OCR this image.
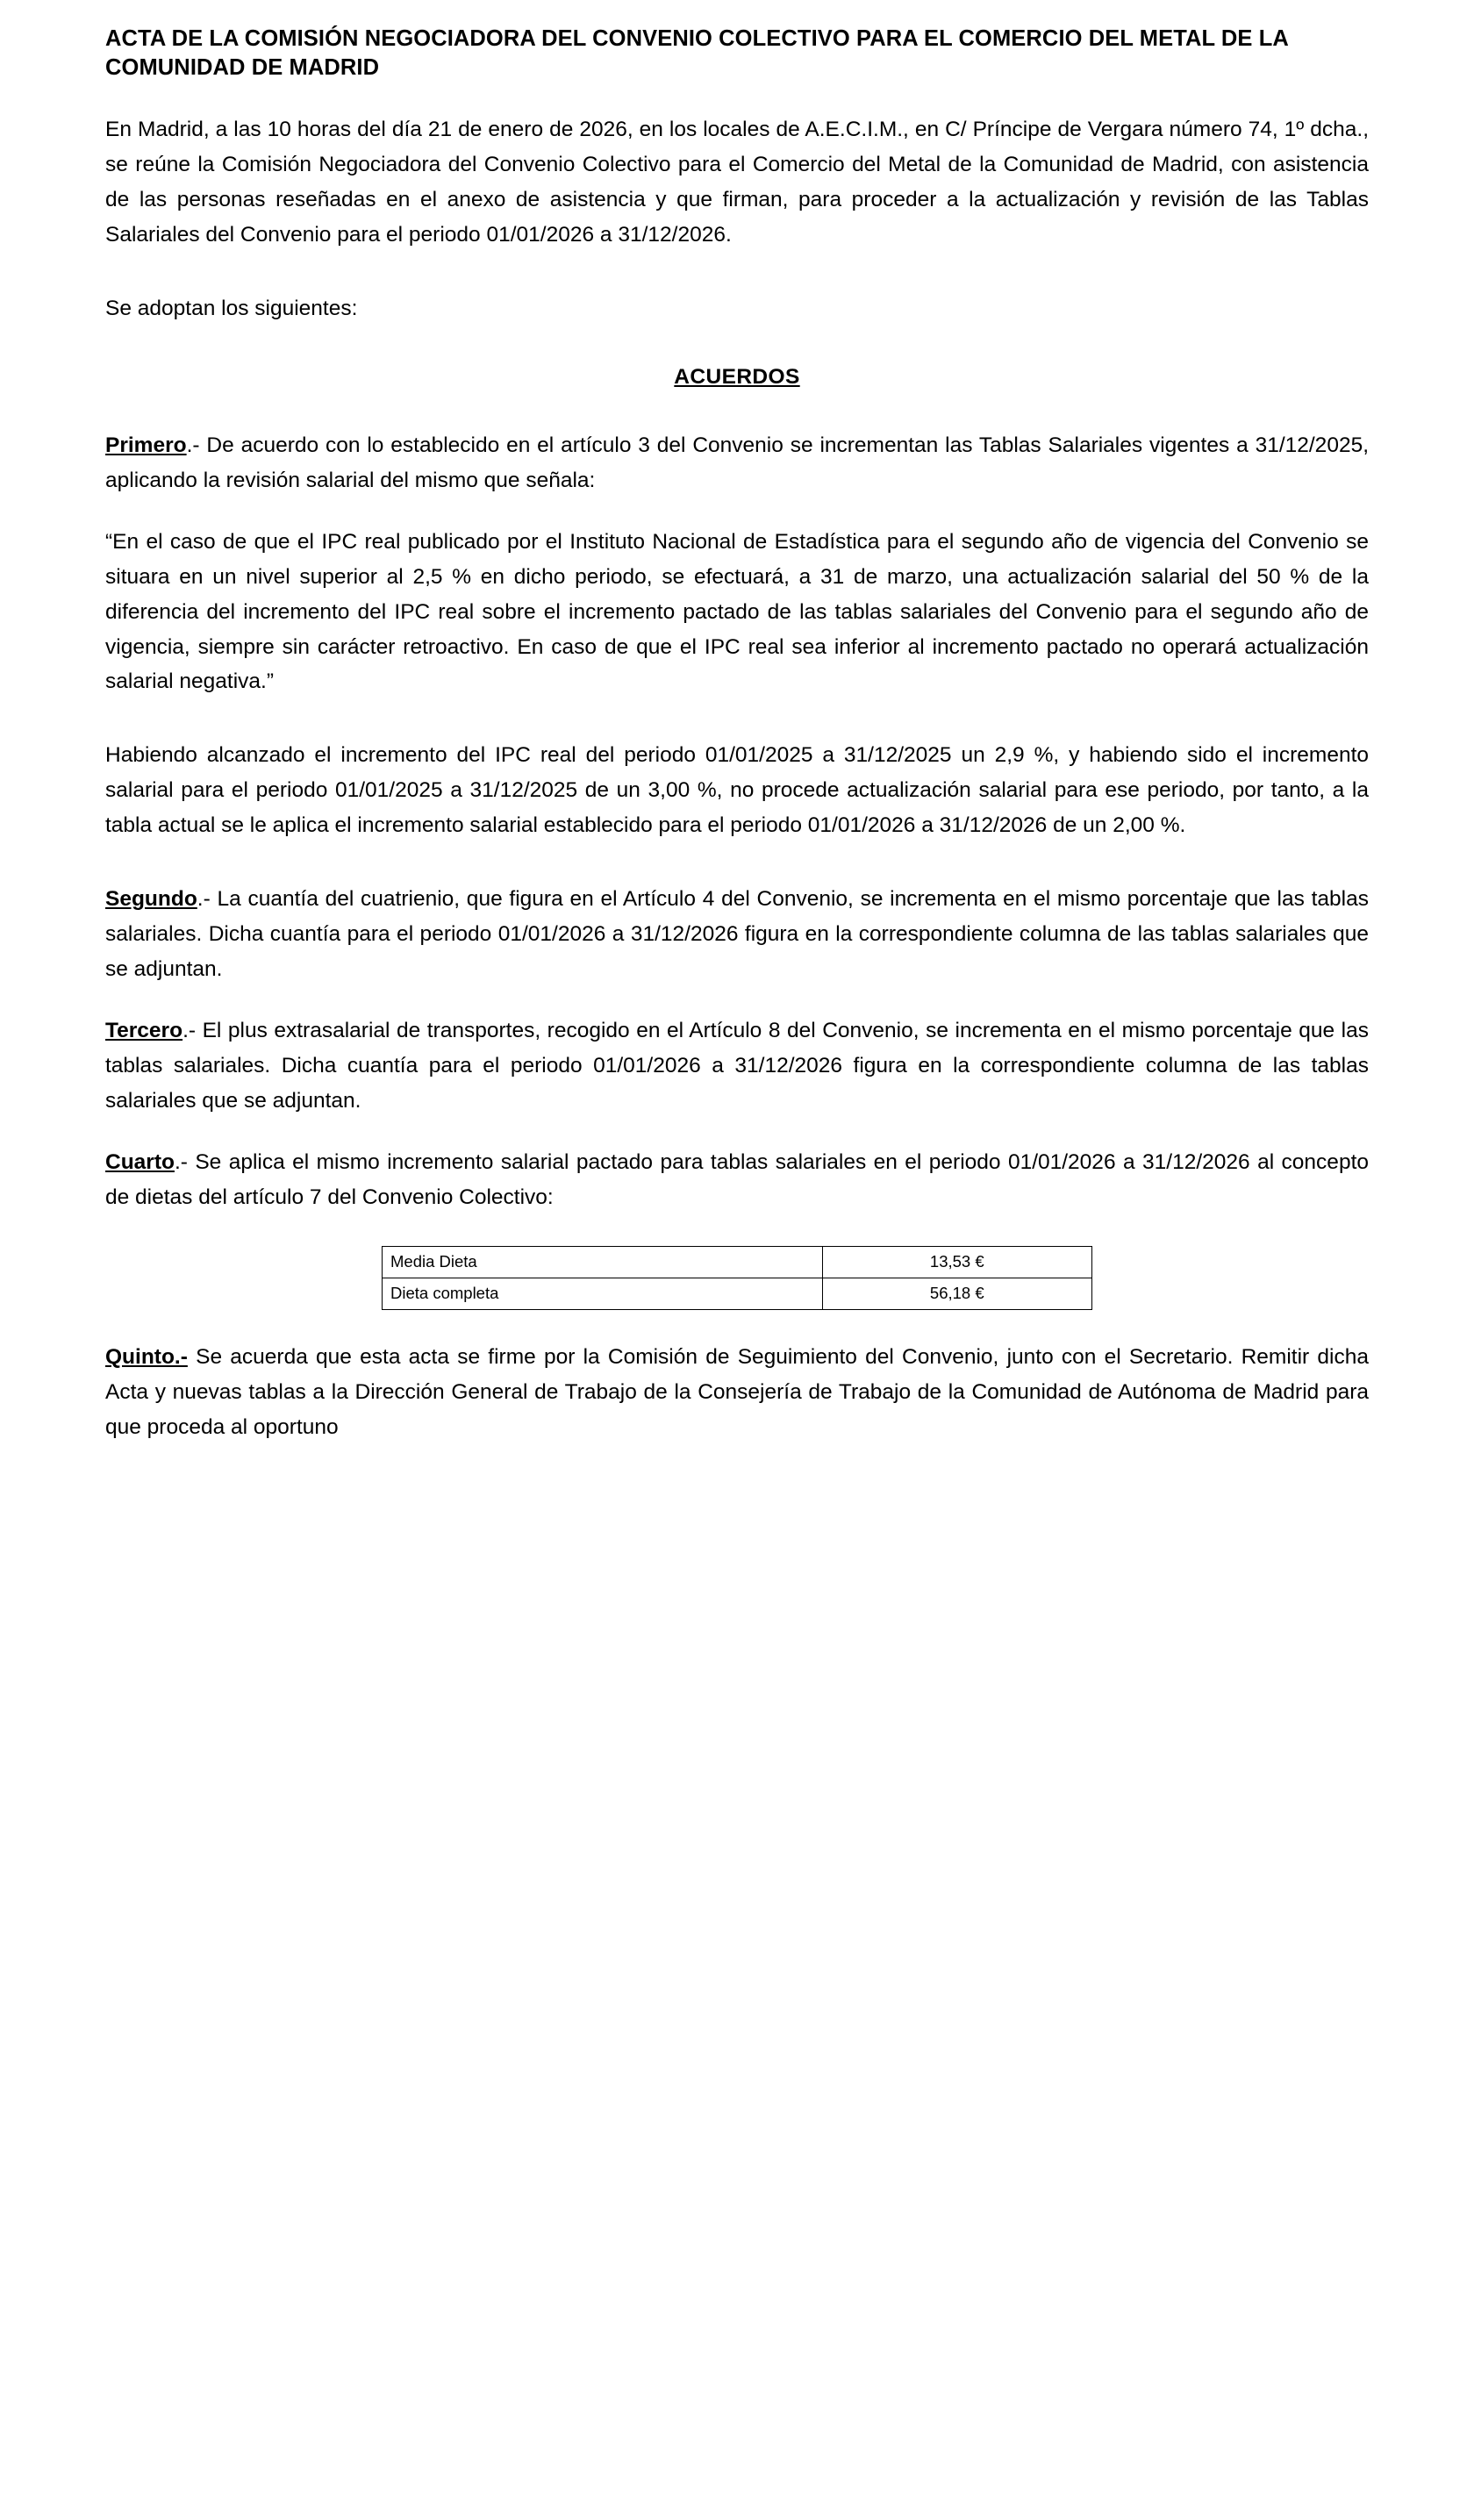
ACTA DE LA COMISIÓN NEGOCIADORA DEL CONVENIO COLECTIVO PARA EL COMERCIO DEL METAL DE LA COMUNIDAD DE MADRID

En Madrid, a las 10 horas del día 21 de enero de 2026, en los locales de A.E.C.I.M., en C/ Príncipe de Vergara número 74, 1º dcha., se reúne la Comisión Negociadora del Convenio Colectivo para el Comercio del Metal de la Comunidad de Madrid, con asistencia de las personas reseñadas en el anexo de asistencia y que firman, para proceder a la actualización y revisión de las Tablas Salariales del Convenio para el periodo 01/01/2026 a 31/12/2026.

Se adoptan los siguientes:

ACUERDOS

Primero.- De acuerdo con lo establecido en el artículo 3 del Convenio se incrementan las Tablas Salariales vigentes a 31/12/2025, aplicando la revisión salarial del mismo que señala:

“En el caso de que el IPC real publicado por el Instituto Nacional de Estadística para el segundo año de vigencia del Convenio se situara en un nivel superior al 2,5 % en dicho periodo, se efectuará, a 31 de marzo, una actualización salarial del 50 % de la diferencia del incremento del IPC real sobre el incremento pactado de las tablas salariales del Convenio para el segundo año de vigencia, siempre sin carácter retroactivo. En caso de que el IPC real sea inferior al incremento pactado no operará actualización salarial negativa.”

Habiendo alcanzado el incremento del IPC real del periodo 01/01/2025 a 31/12/2025 un 2,9 %, y habiendo sido el incremento salarial para el periodo 01/01/2025 a 31/12/2025 de un 3,00 %, no procede actualización salarial para ese periodo, por tanto, a la tabla actual se le aplica el incremento salarial establecido para el periodo 01/01/2026 a 31/12/2026 de un 2,00 %.

Segundo.- La cuantía del cuatrienio, que figura en el Artículo 4 del Convenio, se incrementa en el mismo porcentaje que las tablas salariales. Dicha cuantía para el periodo 01/01/2026 a 31/12/2026 figura en la correspondiente columna de las tablas salariales que se adjuntan.

Tercero.- El plus extrasalarial de transportes, recogido en el Artículo 8 del Convenio, se incrementa en el mismo porcentaje que las tablas salariales. Dicha cuantía para el periodo 01/01/2026 a 31/12/2026 figura en la correspondiente columna de las tablas salariales que se adjuntan.

Cuarto.- Se aplica el mismo incremento salarial pactado para tablas salariales en el periodo 01/01/2026 a 31/12/2026 al concepto de dietas del artículo 7 del Convenio Colectivo:

Media Dieta	13,53 €
Dieta completa	56,18 €

Quinto.- Se acuerda que esta acta se firme por la Comisión de Seguimiento del Convenio, junto con el Secretario. Remitir dicha Acta y nuevas tablas a la Dirección General de Trabajo de la Consejería de Trabajo de la Comunidad de Autónoma de Madrid para que proceda al oportuno
